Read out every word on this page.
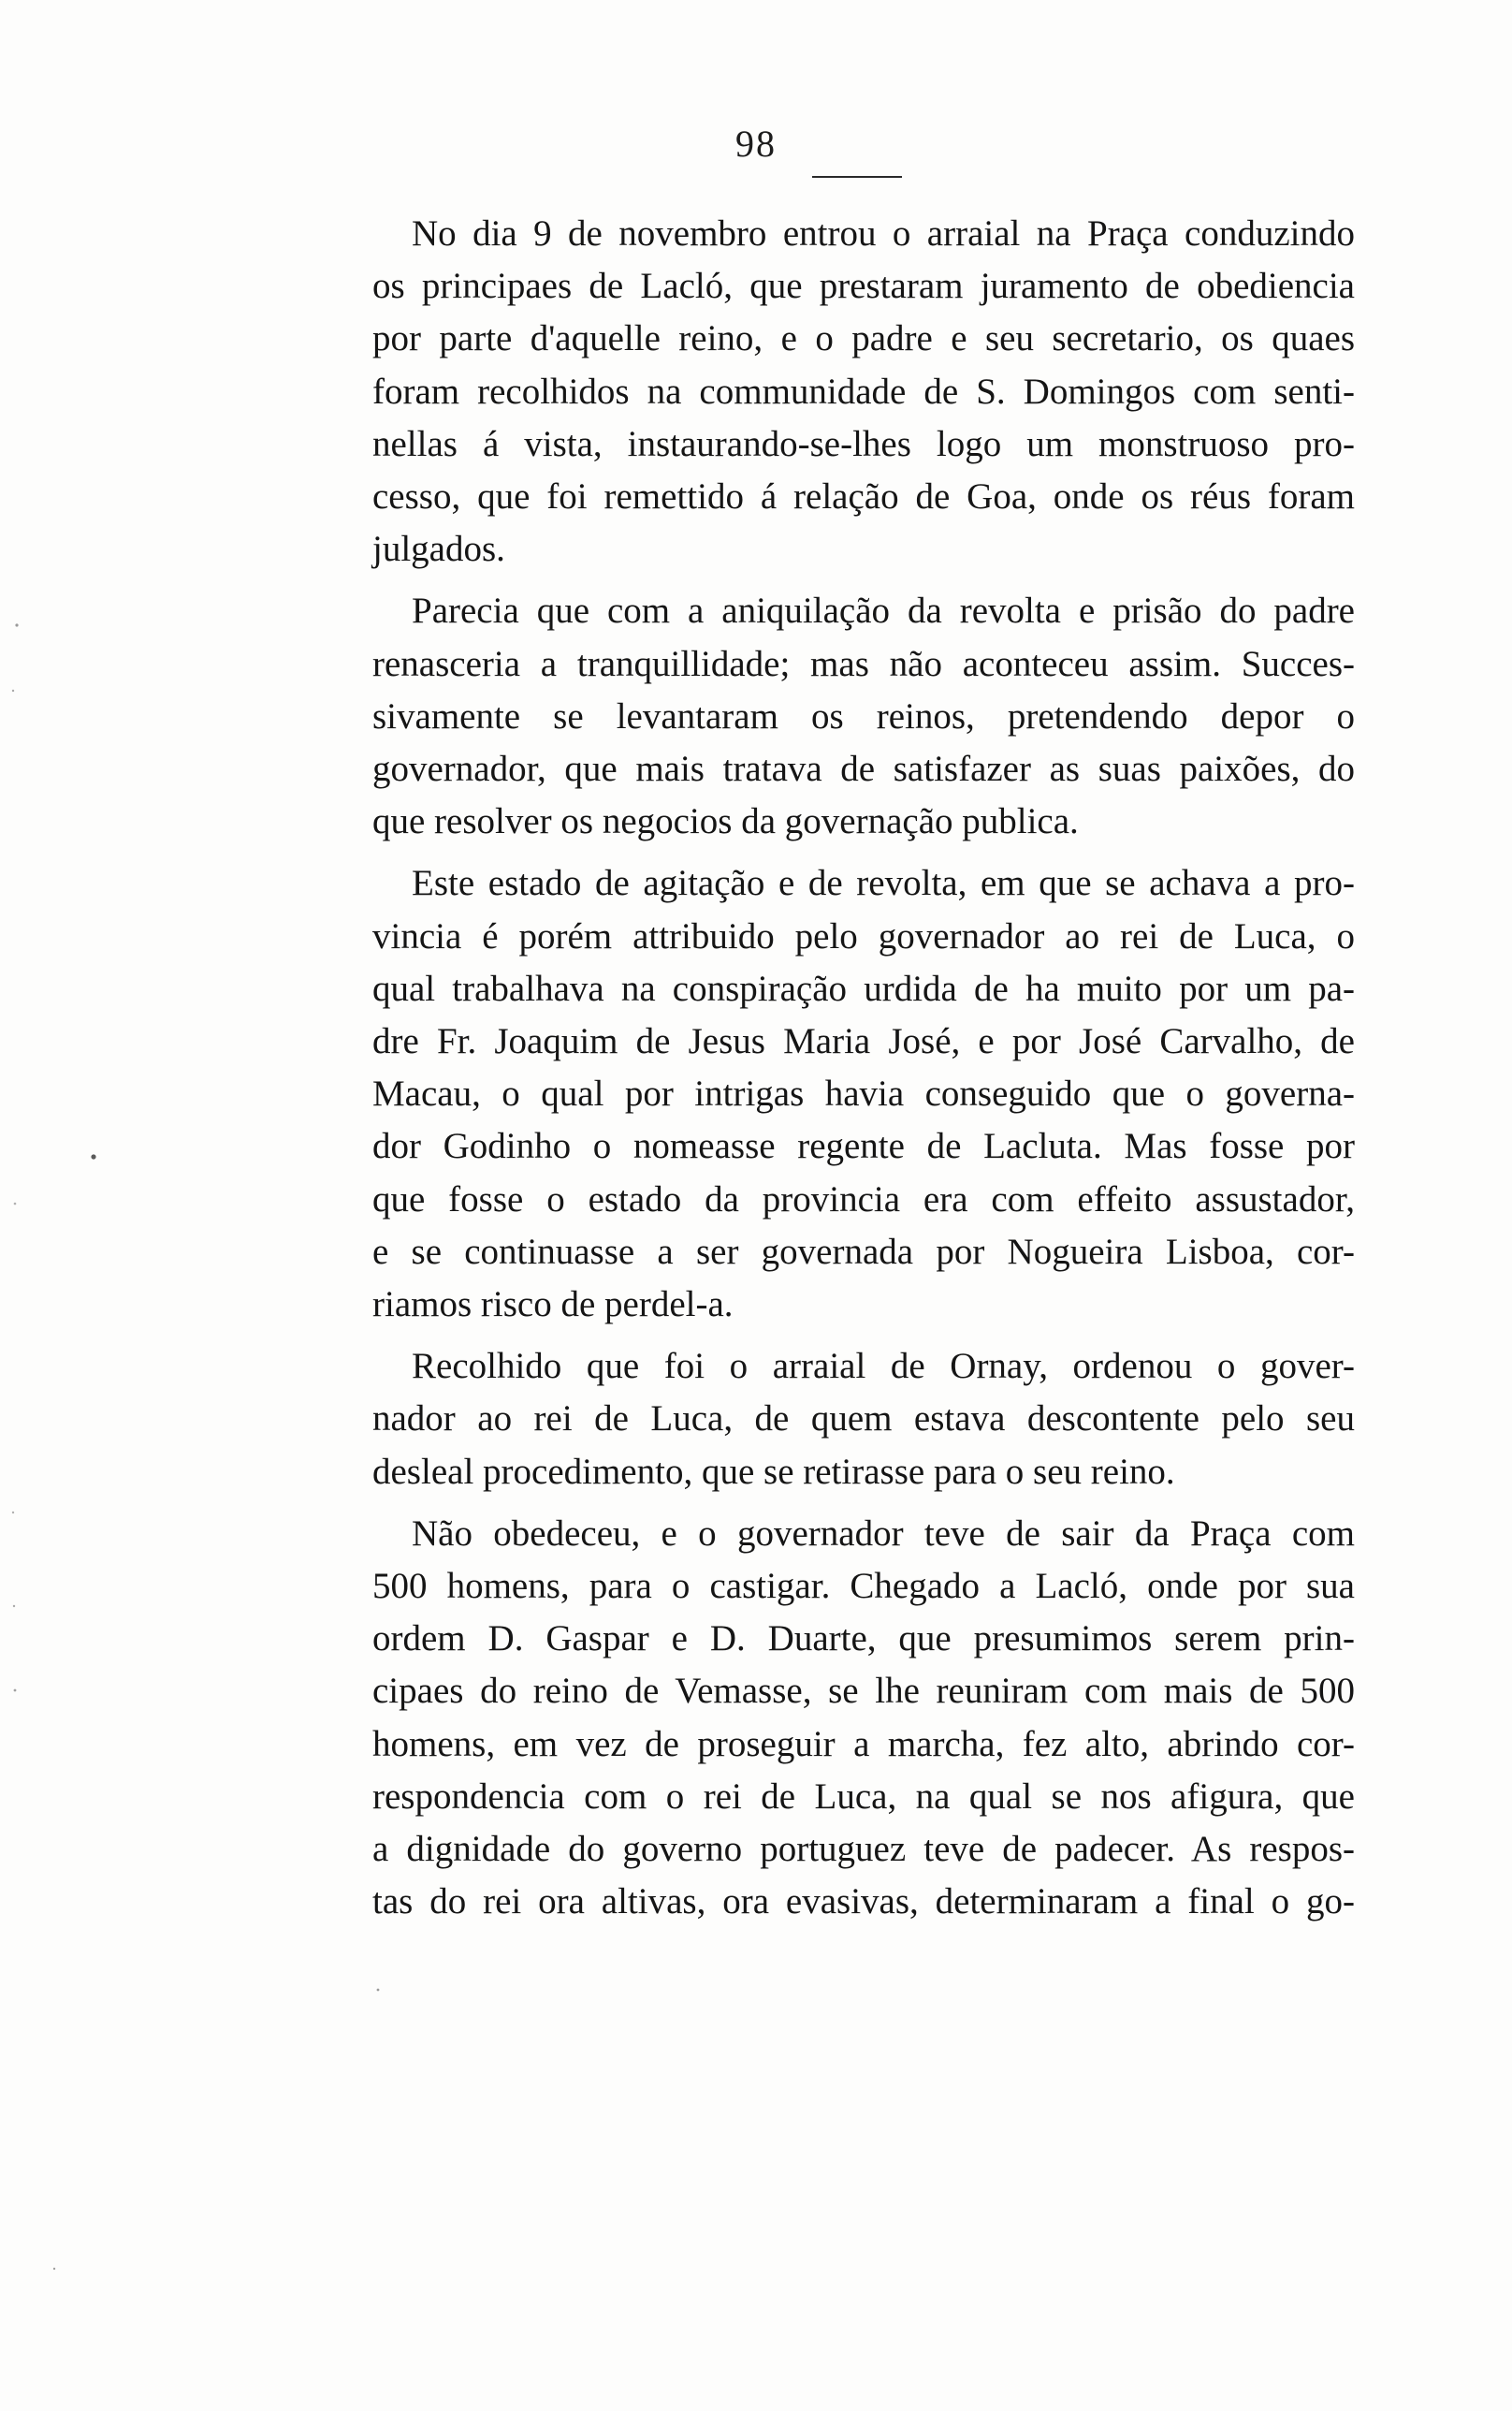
98
No dia 9 de novembro entrou o arraial na Praça conduzindo
os principaes de Lacló, que prestaram juramento de obediencia
por parte d'aquelle reino, e o padre e seu secretario, os quaes
foram recolhidos na communidade de S. Domingos com senti-
nellas á vista, instaurando-se-lhes logo um monstruoso pro-
cesso, que foi remettido á relação de Goa, onde os réus foram
julgados.
Parecia que com a aniquilação da revolta e prisão do padre
renasceria a tranquillidade; mas não aconteceu assim. Succes-
sivamente se levantaram os reinos, pretendendo depor o
governador, que mais tratava de satisfazer as suas paixões, do
que resolver os negocios da governação publica.
Este estado de agitação e de revolta, em que se achava a pro-
vincia é porém attribuido pelo governador ao rei de Luca, o
qual trabalhava na conspiração urdida de ha muito por um pa-
dre Fr. Joaquim de Jesus Maria José, e por José Carvalho, de
Macau, o qual por intrigas havia conseguido que o governa-
dor Godinho o nomeasse regente de Lacluta. Mas fosse por
que fosse o estado da provincia era com effeito assustador,
e se continuasse a ser governada por Nogueira Lisboa, cor-
riamos risco de perdel-a.
Recolhido que foi o arraial de Ornay, ordenou o gover-
nador ao rei de Luca, de quem estava descontente pelo seu
desleal procedimento, que se retirasse para o seu reino.
Não obedeceu, e o governador teve de sair da Praça com
500 homens, para o castigar. Chegado a Lacló, onde por sua
ordem D. Gaspar e D. Duarte, que presumimos serem prin-
cipaes do reino de Vemasse, se lhe reuniram com mais de 500
homens, em vez de proseguir a marcha, fez alto, abrindo cor-
respondencia com o rei de Luca, na qual se nos afigura, que
a dignidade do governo portuguez teve de padecer. As respos-
tas do rei ora altivas, ora evasivas, determinaram a final o go-
